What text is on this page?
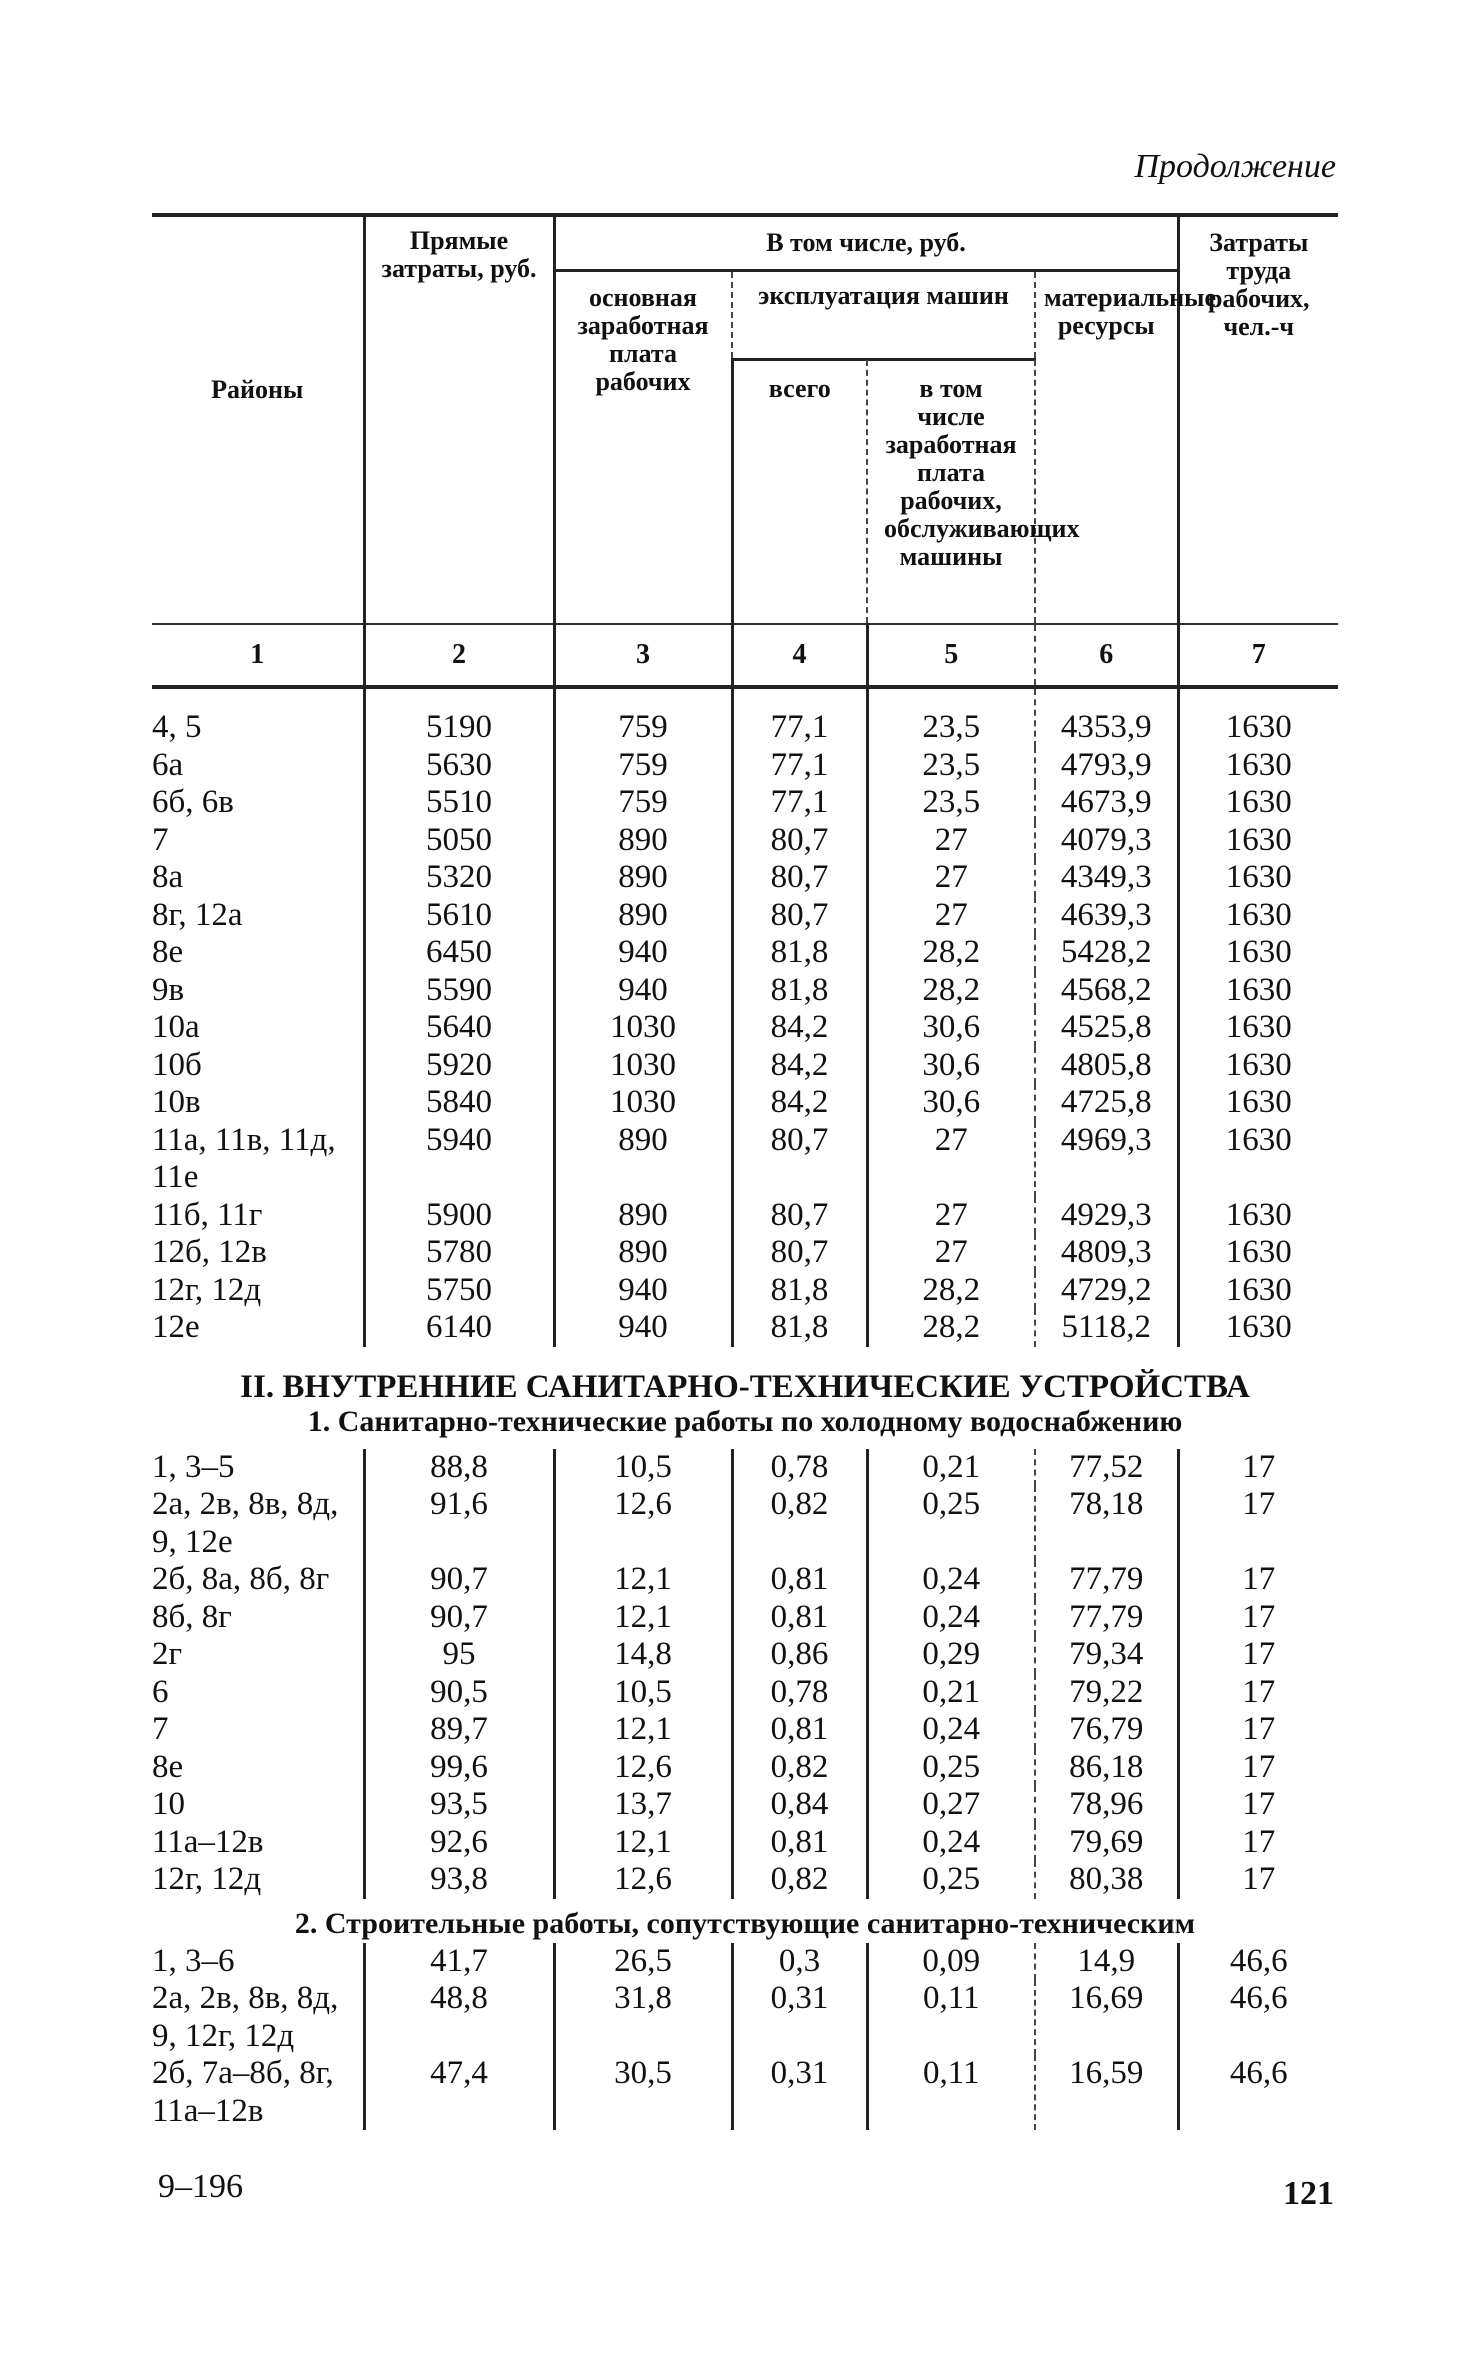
Продолжение
Районы	Прямые затраты, руб.	В том числе, руб.				Затраты труда рабочих, чел.-ч
		основная заработная плата рабочих	эксплуатация машин		материальные ресурсы	
			всего	в том числе заработная плата рабочих, обслуживающих машины		

1	2	3	4	5	6	7
4, 5	5190	759	77,1	23,5	4353,9	1630
6а	5630	759	77,1	23,5	4793,9	1630
6б, 6в	5510	759	77,1	23,5	4673,9	1630
7	5050	890	80,7	27	4079,3	1630
8а	5320	890	80,7	27	4349,3	1630
8г, 12а	5610	890	80,7	27	4639,3	1630
8е	6450	940	81,8	28,2	5428,2	1630
9в	5590	940	81,8	28,2	4568,2	1630
10а	5640	1030	84,2	30,6	4525,8	1630
10б	5920	1030	84,2	30,6	4805,8	1630
10в	5840	1030	84,2	30,6	4725,8	1630
11а, 11в, 11д, 11е	5940	890	80,7	27	4969,3	1630
11б, 11г	5900	890	80,7	27	4929,3	1630
12б, 12в	5780	890	80,7	27	4809,3	1630
12г, 12д	5750	940	81,8	28,2	4729,2	1630
12е	6140	940	81,8	28,2	5118,2	1630
II. ВНУТРЕННИЕ САНИТАРНО-ТЕХНИЧЕСКИЕ УСТРОЙСТВА						
1. Санитарно-технические работы по холодному водоснабжению						
1, 3–5	88,8	10,5	0,78	0,21	77,52	17
2а, 2в, 8в, 8д, 9, 12е	91,6	12,6	0,82	0,25	78,18	17
2б, 8а, 8б, 8г	90,7	12,1	0,81	0,24	77,79	17
8б, 8г	90,7	12,1	0,81	0,24	77,79	17
2г	95	14,8	0,86	0,29	79,34	17
6	90,5	10,5	0,78	0,21	79,22	17
7	89,7	12,1	0,81	0,24	76,79	17
8е	99,6	12,6	0,82	0,25	86,18	17
10	93,5	13,7	0,84	0,27	78,96	17
11а–12в	92,6	12,1	0,81	0,24	79,69	17
12г, 12д	93,8	12,6	0,82	0,25	80,38	17
2. Строительные работы, сопутствующие санитарно-техническим						
1, 3–6	41,7	26,5	0,3	0,09	14,9	46,6
2а, 2в, 8в, 8д, 9, 12г, 12д	48,8	31,8	0,31	0,11	16,69	46,6
2б, 7а–8б, 8г, 11а–12в	47,4	30,5	0,31	0,11	16,59	46,6
9–196	121
